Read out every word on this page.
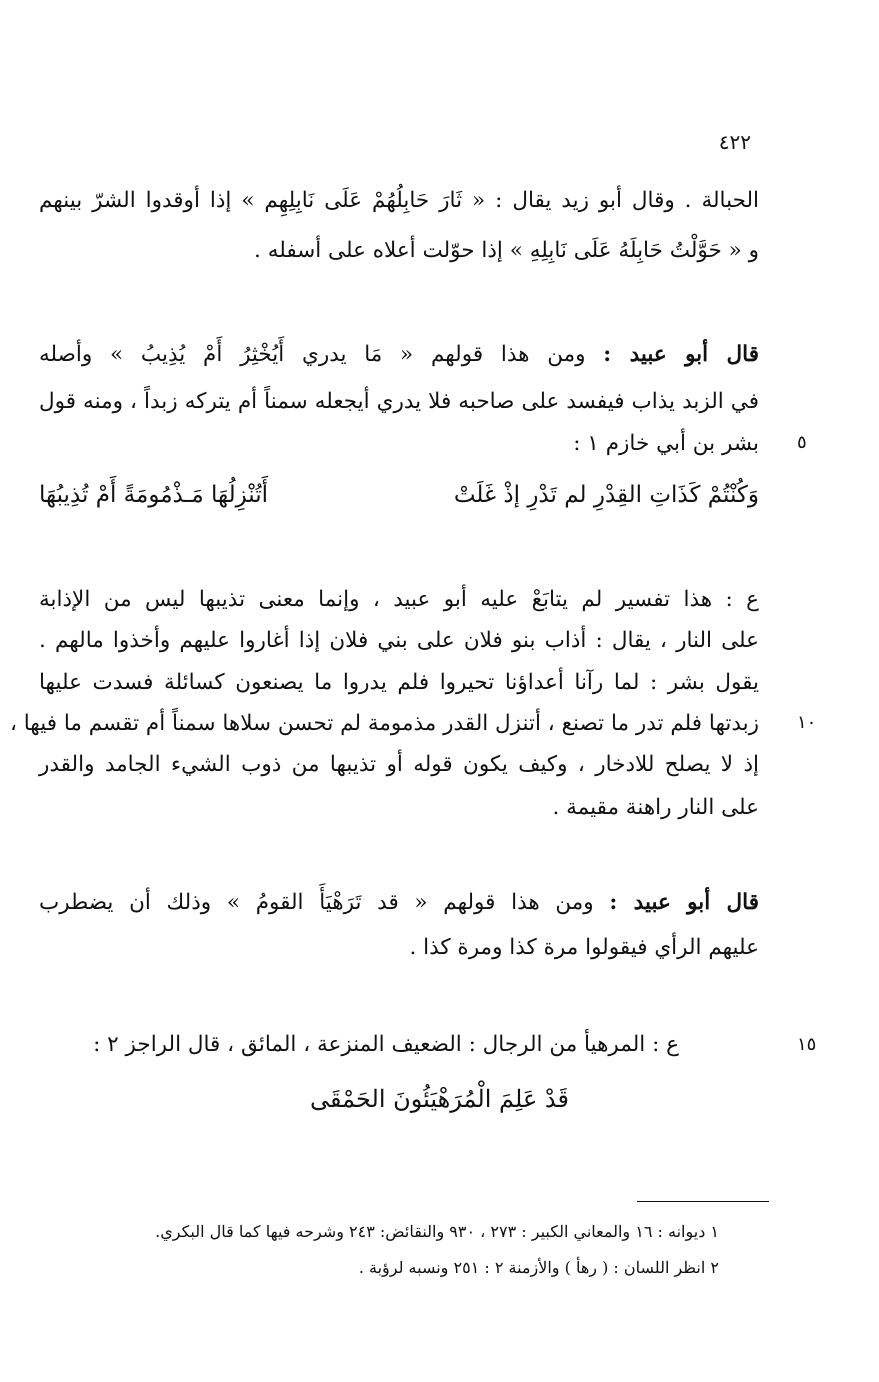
٤٢٢
الحبالة . وقال أبو زيد يقال : « ثَارَ حَابِلُهُمْ عَلَى نَابِلِهِم » إذا أوقدوا الشرّ بينهم
و « حَوَّلْتُ حَابِلَهُ عَلَى نَابِلِهِ » إذا حوّلت أعلاه على أسفله .
قال أبو عبيد : ومن هذا قولهم « مَا يدري أَيُخْثِرُ أَمْ يُذِيبُ » وأصله
في الزبد يذاب فيفسد على صاحبه فلا يدري أيجعله سمناً أم يتركه زبداً ، ومنه قول
بشر بن أبي خازم ١ :
ع : هذا تفسير لم يتابَعْ عليه أبو عبيد ، وإنما معنى تذيبها ليس من الإذابة
على النار ، يقال : أذاب بنو فلان على بني فلان إذا أغاروا عليهم وأخذوا مالهم .
يقول بشر : لما رآنا أعداؤنا تحيروا فلم يدروا ما يصنعون كسائلة فسدت عليها
زبدتها فلم تدر ما تصنع ، أتنزل القدر مذمومة لم تحسن سلاها سمناً أم تقسم ما فيها ،
إذ لا يصلح للادخار ، وكيف يكون قوله أو تذيبها من ذوب الشيء الجامد والقدر
على النار راهنة مقيمة .
قال أبو عبيد : ومن هذا قولهم « قد تَرَهْيَأَ القومُ » وذلك أن يضطرب
عليهم الرأي فيقولوا مرة كذا ومرة كذا .
ع : المرهيأ من الرجال : الضعيف المنزعة ، المائق ، قال الراجز ٢ :
وَكُنْتُمْ كَذَاتِ القِدْرِ لم تَدْرِ إذْ غَلَتْ
أَتُنْزِلُهَا مَـذْمُومَةً أَمْ تُذِيبُهَا
قَدْ عَلِمَ الْمُرَهْيَئُونَ الحَمْقَى
٥
١٠
١٥
١ ديوانه : ١٦ والمعاني الكبير : ٢٧٣ ، ٩٣٠ والنقائض: ٢٤٣ وشرحه فيها كما قال البكري.
٢ انظر اللسان : ( رهأ ) والأزمنة ٢ : ٢٥١ ونسبه لرؤبة .
